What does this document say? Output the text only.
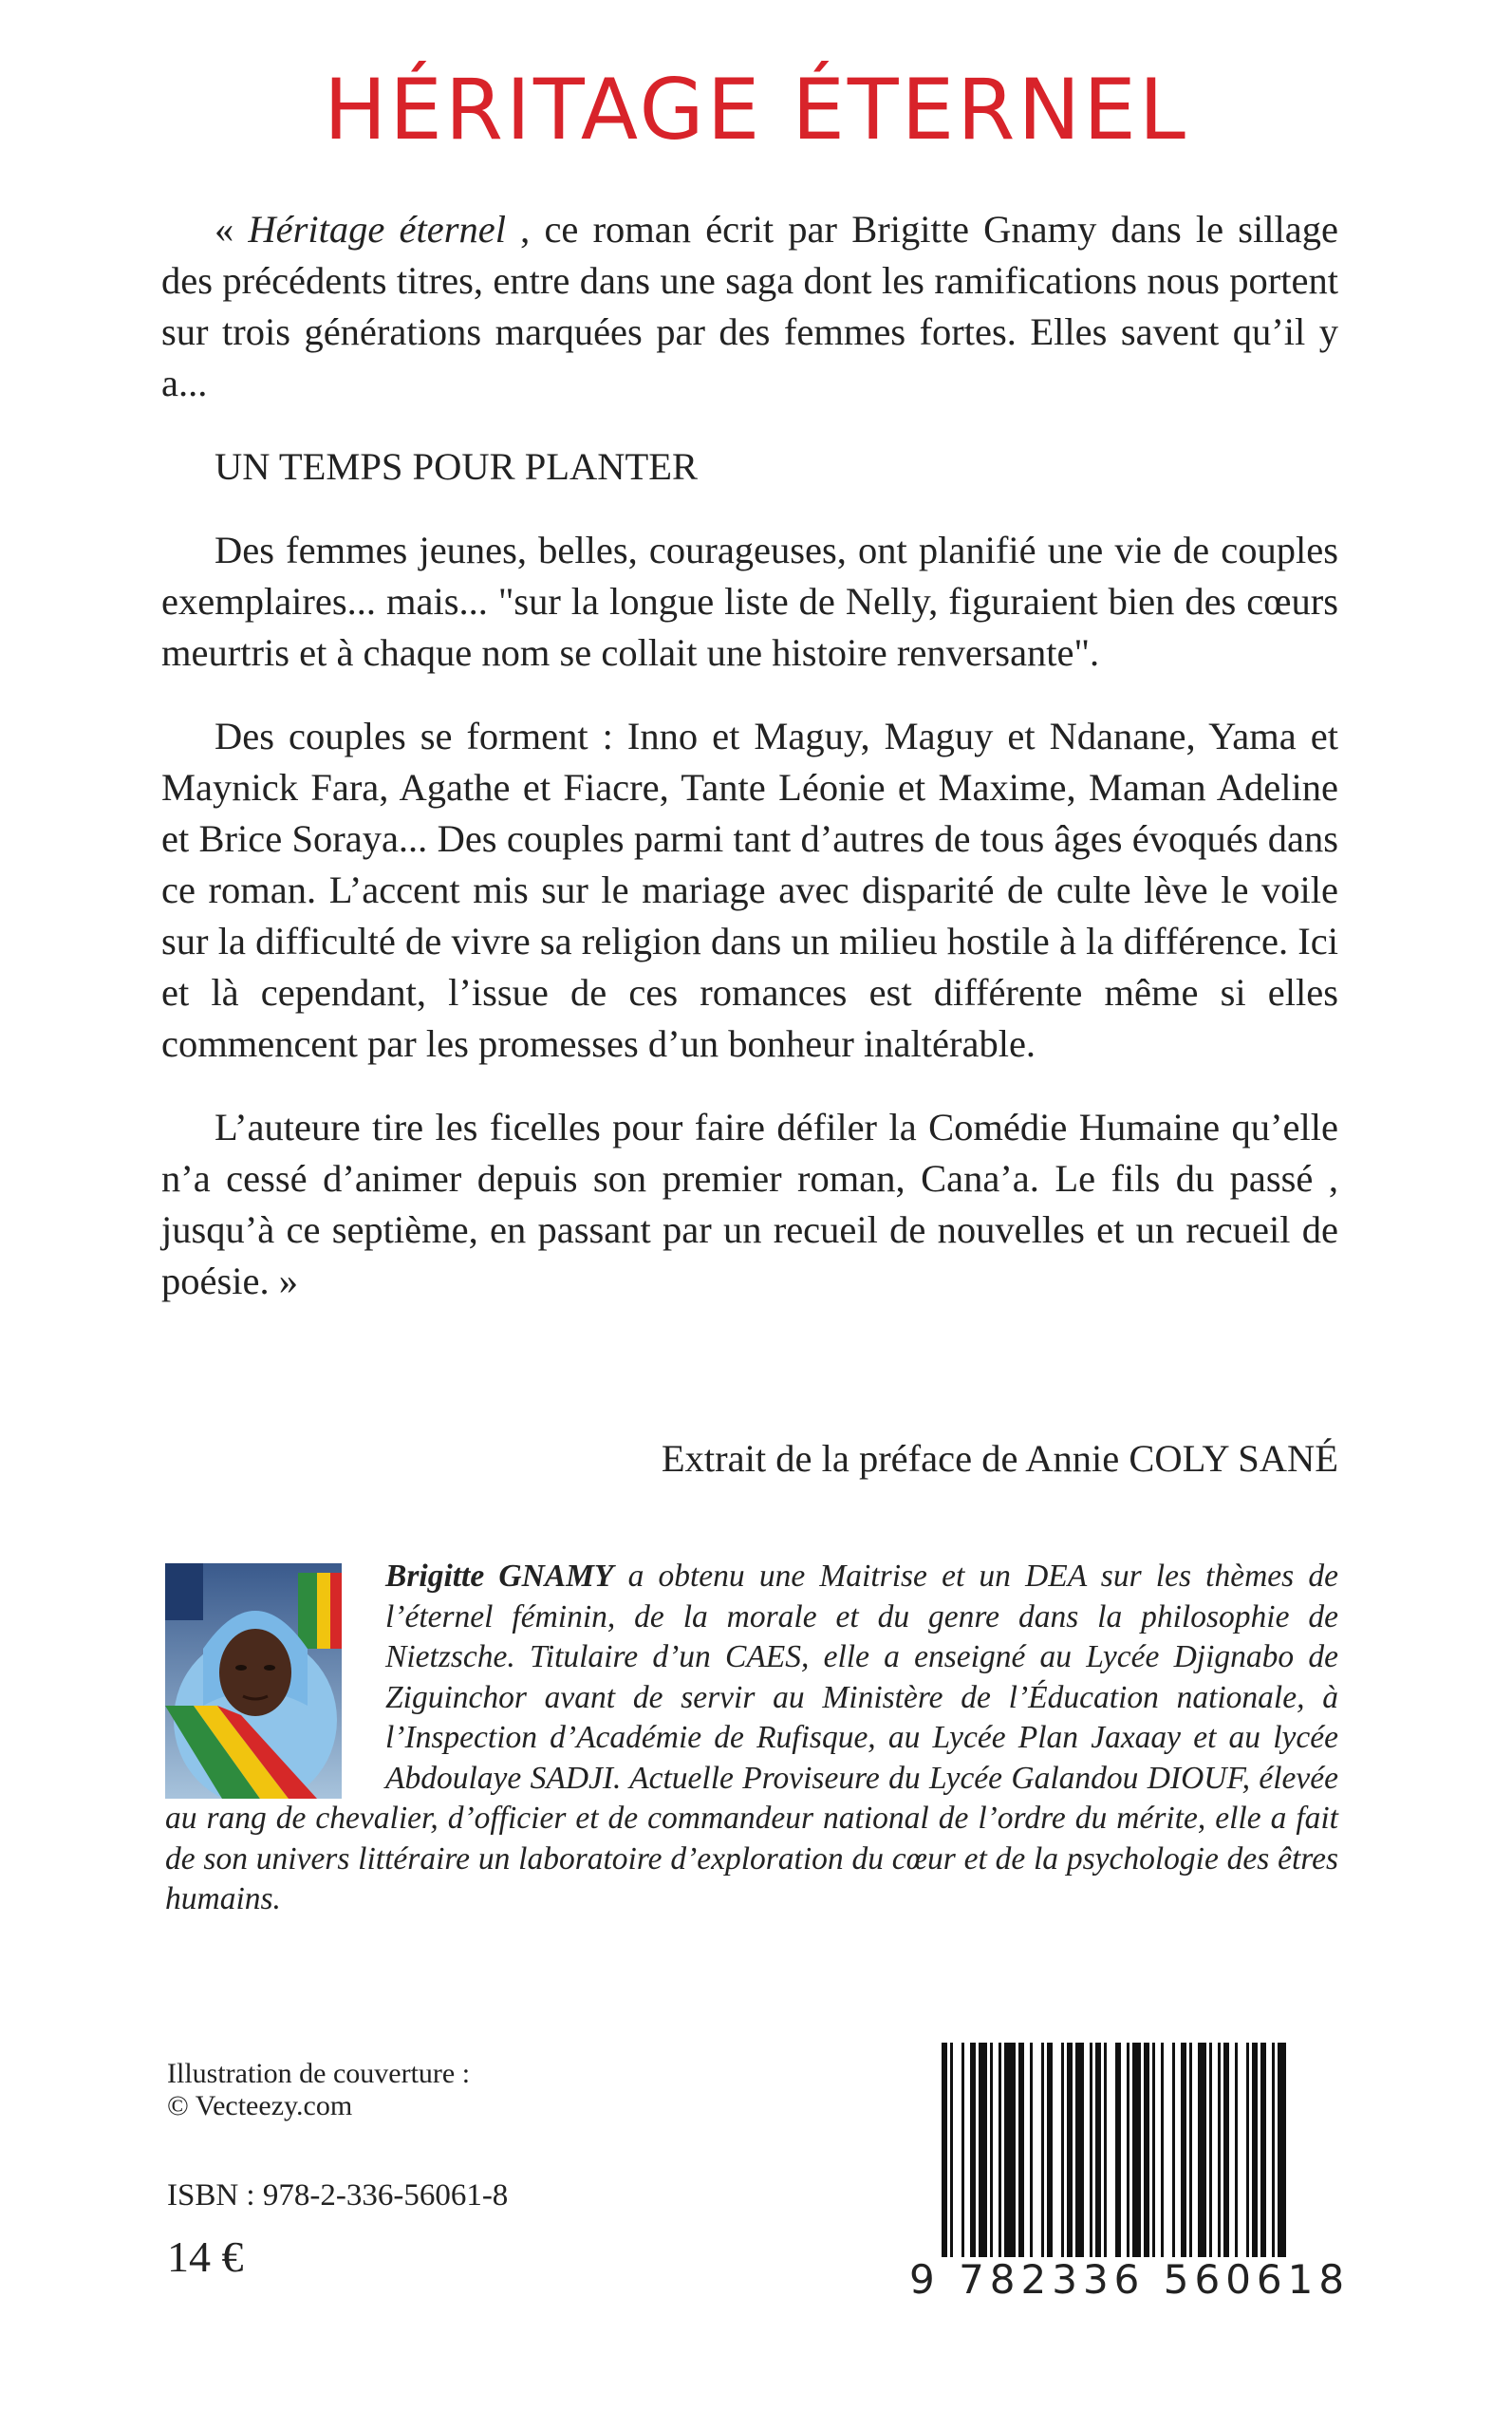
HÉRITAGE ÉTERNEL

« Héritage éternel , ce roman écrit par Brigitte Gnamy dans le sillage des précédents titres, entre dans une saga dont les ramifications nous portent sur trois générations marquées par des femmes fortes. Elles savent qu’il y a...

UN TEMPS POUR PLANTER

Des femmes jeunes, belles, courageuses, ont planifié une vie de couples exemplaires... mais... "sur la longue liste de Nelly, figuraient bien des cœurs meurtris et à chaque nom se collait une histoire renversante".

Des couples se forment : Inno et Maguy, Maguy et Ndanane, Yama et Maynick Fara, Agathe et Fiacre, Tante Léonie et Maxime, Maman Adeline et Brice Soraya... Des couples parmi tant d’autres de tous âges évoqués dans ce roman. L’accent mis sur le mariage avec disparité de culte lève le voile sur la difficulté de vivre sa religion dans un milieu hostile à la différence. Ici et là cependant, l’issue de ces romances est différente même si elles commencent par les promesses d’un bonheur inaltérable.

L’auteure tire les ficelles pour faire défiler la Comédie Humaine qu’elle n’a cessé d’animer depuis son premier roman, Cana’a. Le fils du passé , jusqu’à ce septième, en passant par un recueil de nouvelles et un recueil de poésie. »

Extrait de la préface de Annie COLY SANÉ
Brigitte GNAMY a obtenu une Maitrise et un DEA sur les thèmes de l’éternel féminin, de la morale et du genre dans la philosophie de Nietzsche. Titulaire d’un CAES, elle a enseigné au Lycée Djignabo de Ziguinchor avant de servir au Ministère de l’Éducation nationale, à l’Inspection d’Académie de Rufisque, au Lycée Plan Jaxaay et au lycée Abdoulaye SADJI. Actuelle Proviseure du Lycée Galandou DIOUF, élevée au rang de chevalier, d’officier et de commandeur national de l’ordre du mérite, elle a fait de son univers littéraire un laboratoire d’exploration du cœur et de la psychologie des êtres humains.
Illustration de couverture :
© Vecteezy.com
ISBN : 978-2-336-56061-8
14 €	9 782336 560618
